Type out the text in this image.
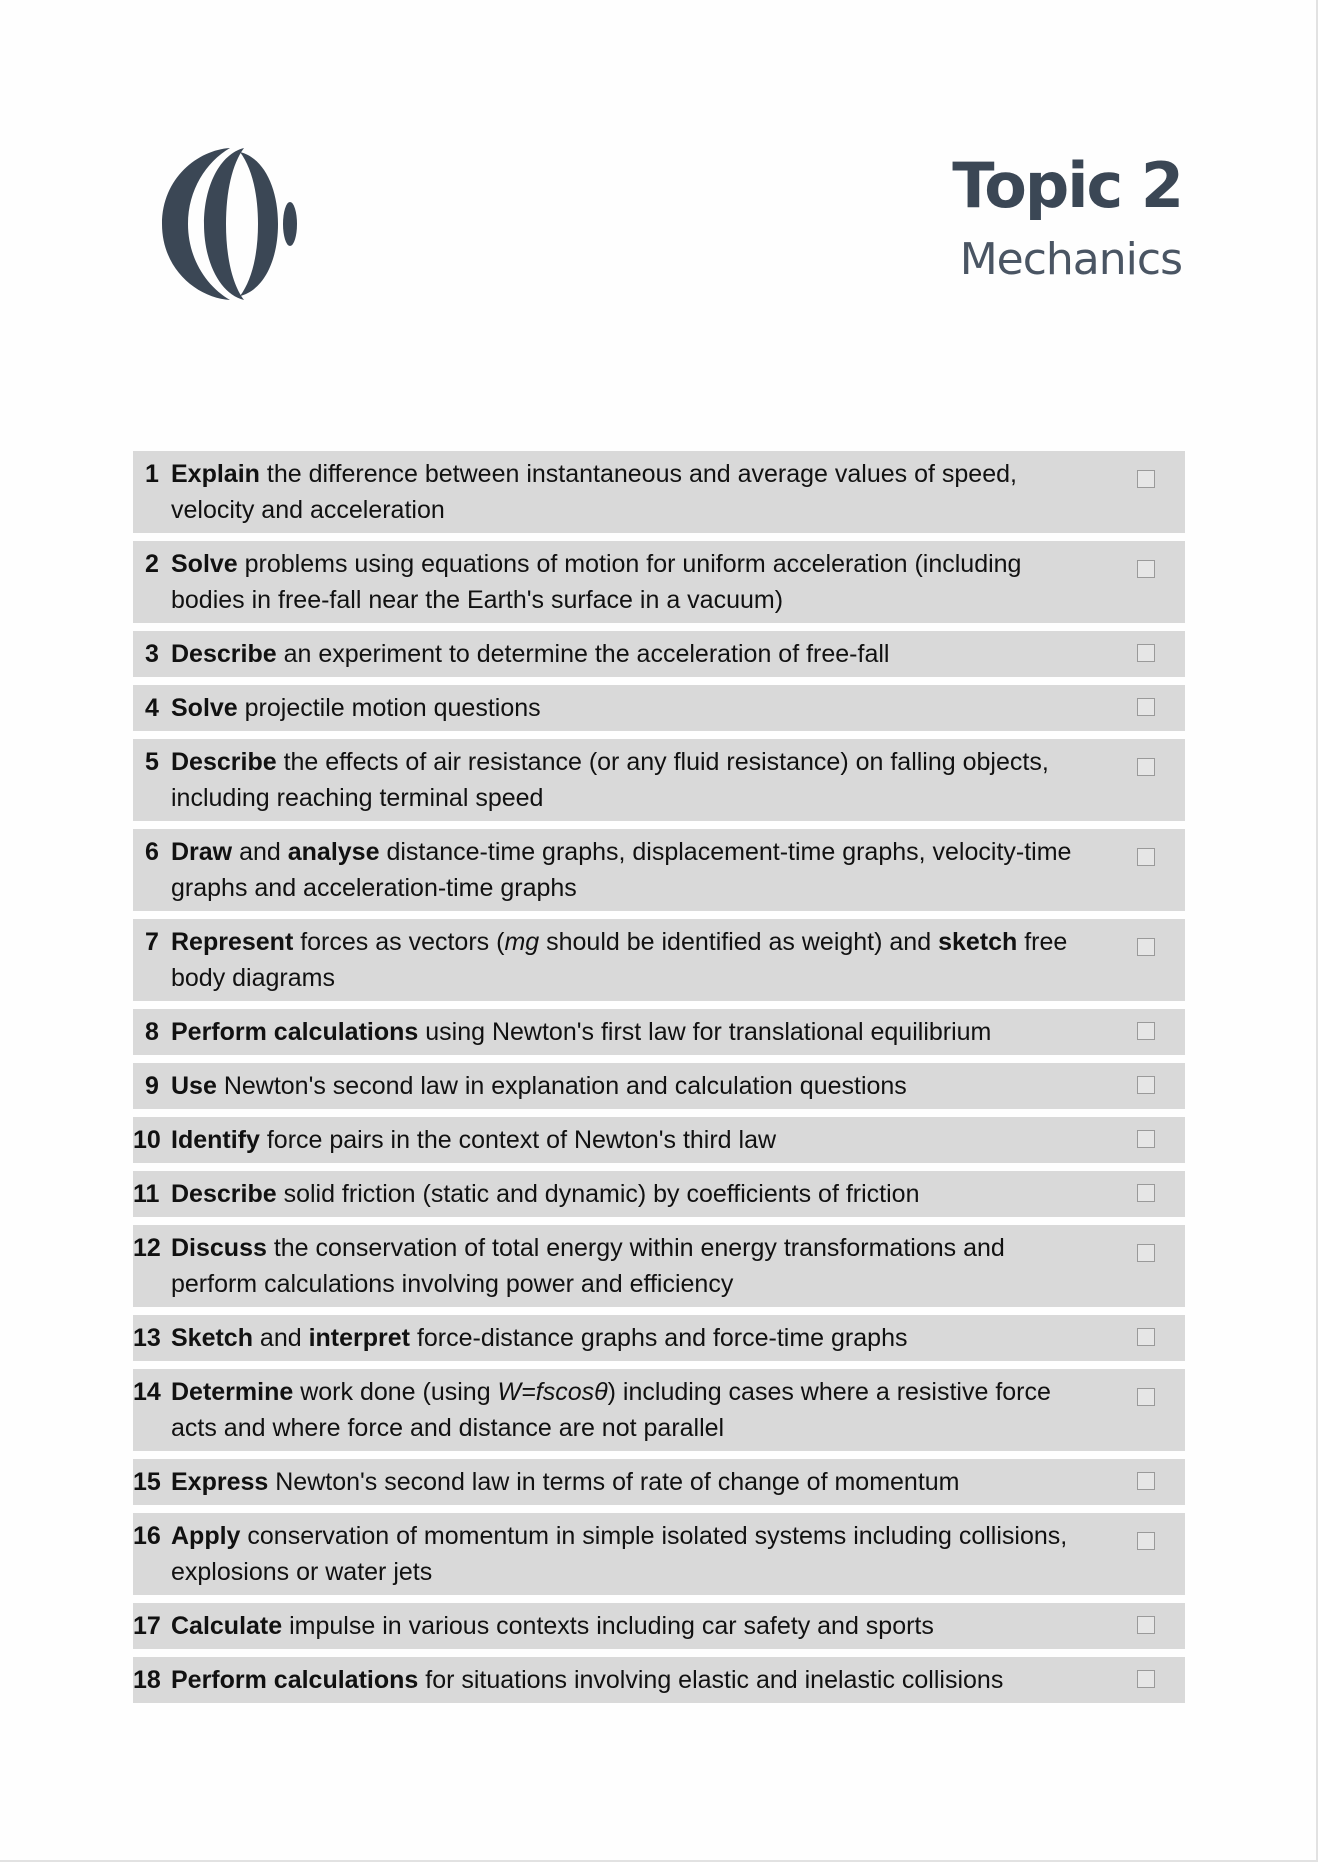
Topic 2
Mechanics
1 Explain the difference between instantaneous and average values of speed, velocity and acceleration
2 Solve problems using equations of motion for uniform acceleration (including bodies in free-fall near the Earth's surface in a vacuum)
3 Describe an experiment to determine the acceleration of free-fall
4 Solve projectile motion questions
5 Describe the effects of air resistance (or any fluid resistance) on falling objects, including reaching terminal speed
6 Draw and analyse distance-time graphs, displacement-time graphs, velocity-time graphs and acceleration-time graphs
7 Represent forces as vectors (mg should be identified as weight) and sketch free body diagrams
8 Perform calculations using Newton's first law for translational equilibrium
9 Use Newton's second law in explanation and calculation questions
10 Identify force pairs in the context of Newton's third law
11 Describe solid friction (static and dynamic) by coefficients of friction
12 Discuss the conservation of total energy within energy transformations and perform calculations involving power and efficiency
13 Sketch and interpret force-distance graphs and force-time graphs
14 Determine work done (using W=fscosθ) including cases where a resistive force acts and where force and distance are not parallel
15 Express Newton's second law in terms of rate of change of momentum
16 Apply conservation of momentum in simple isolated systems including collisions, explosions or water jets
17 Calculate impulse in various contexts including car safety and sports
18 Perform calculations for situations involving elastic and inelastic collisions
